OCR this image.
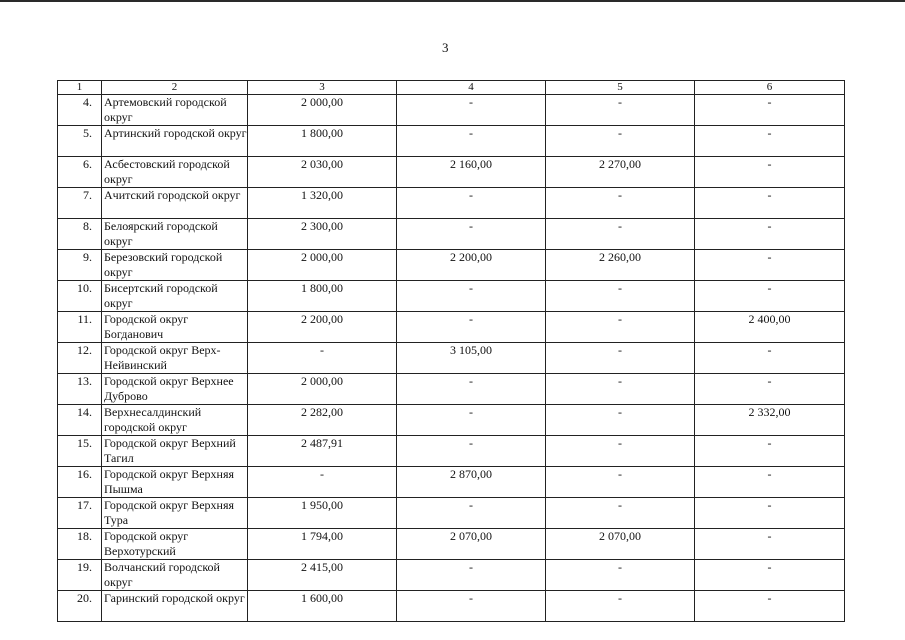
3
1	2	3	4	5	6
4.	Артемовский городской округ	2 000,00	-	-	-
5.	Артинский городской округ	1 800,00	-	-	-
6.	Асбестовский городской округ	2 030,00	2 160,00	2 270,00	-
7.	Ачитский городской округ	1 320,00	-	-	-
8.	Белоярский городской округ	2 300,00	-	-	-
9.	Березовский городской округ	2 000,00	2 200,00	2 260,00	-
10.	Бисертский городской округ	1 800,00	-	-	-
11.	Городской округ Богданович	2 200,00	-	-	2 400,00
12.	Городской округ Верх-Нейвинский	-	3 105,00	-	-
13.	Городской округ Верхнее Дуброво	2 000,00	-	-	-
14.	Верхнесалдинский городской округ	2 282,00	-	-	2 332,00
15.	Городской округ Верхний Тагил	2 487,91	-	-	-
16.	Городской округ Верхняя Пышма	-	2 870,00	-	-
17.	Городской округ Верхняя Тура	1 950,00	-	-	-
18.	Городской округ Верхотурский	1 794,00	2 070,00	2 070,00	-
19.	Волчанский городской округ	2 415,00	-	-	-
20.	Гаринский городской округ	1 600,00	-	-	-
